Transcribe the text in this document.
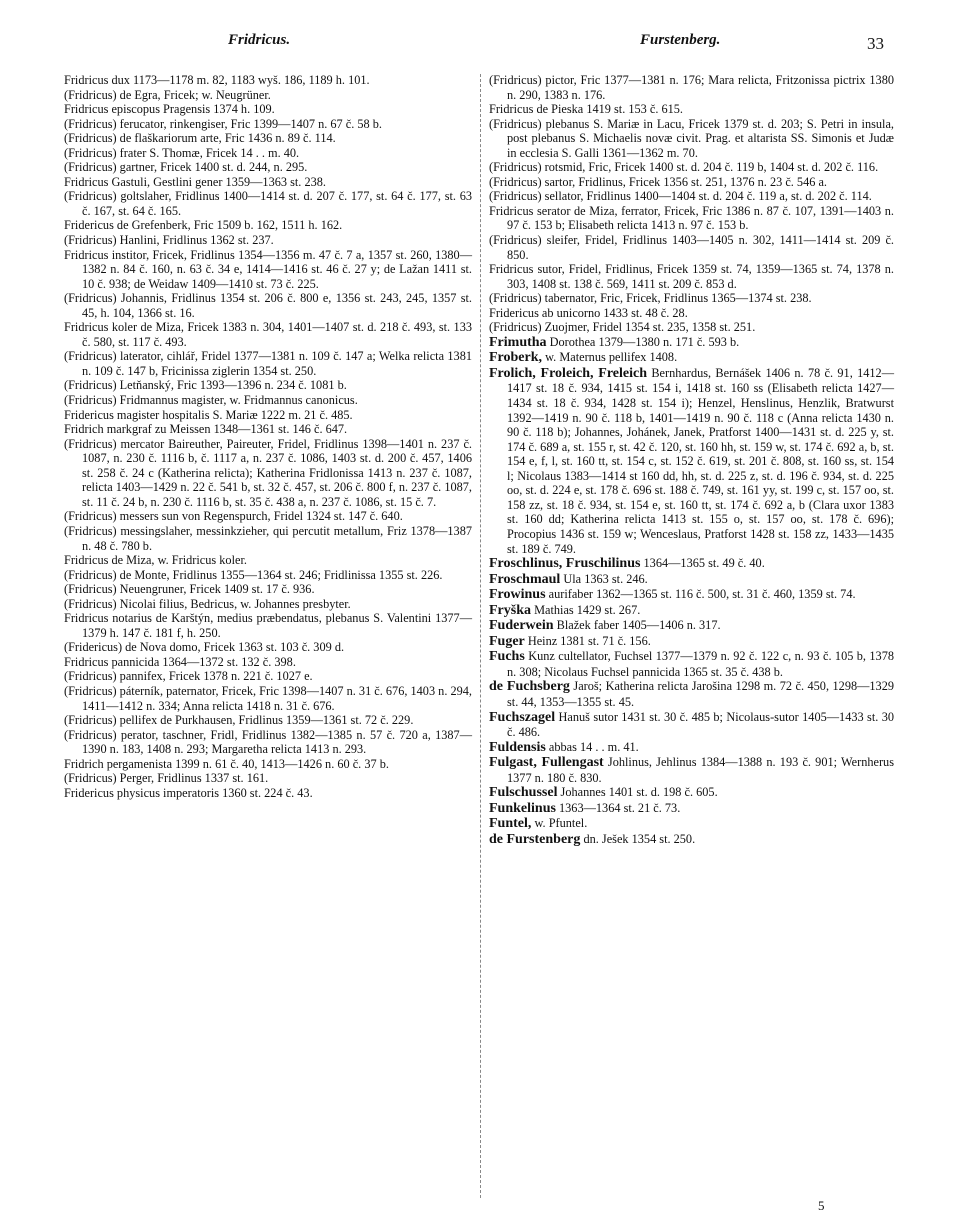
Fridricus.	Furstenberg.	33

Fridricus dux 1173—1178 m. 82, 1183 wyš. 186, 1189 h. 101.

(Fridricus) de Egra, Fricek; w. Neugrüner.

Fridricus episcopus Pragensis 1374 h. 109.

(Fridricus) ferucator, rinkengiser, Fric 1399—1407 n. 67 č. 58 b.

(Fridricus) de flaškariorum arte, Fric 1436 n. 89 č. 114.

(Fridricus) frater S. Thomæ, Fricek 14 . . m. 40.

(Fridricus) gartner, Fricek 1400 st. d. 244, n. 295.

Fridricus Gastuli, Gestlini gener 1359—1363 st. 238.

(Fridricus) goltslaher, Fridlinus 1400—1414 st. d. 207 č. 177, st. 64 č. 177, st. 63 č. 167, st. 64 č. 165.

Fridericus de Grefenberk, Fric 1509 b. 162, 1511 h. 162.

(Fridricus) Hanlini, Fridlinus 1362 st. 237.

Fridricus institor, Fricek, Fridlinus 1354—1356 m. 47 č. 7 a, 1357 st. 260, 1380—1382 n. 84 č. 160, n. 63 č. 34 e, 1414—1416 st. 46 č. 27 y; de Lažan 1411 st. 10 č. 938; de Weidaw 1409—1410 st. 73 č. 225.

(Fridricus) Johannis, Fridlinus 1354 st. 206 č. 800 e, 1356 st. 243, 245, 1357 st. 45, h. 104, 1366 st. 16.

Fridricus koler de Miza, Fricek 1383 n. 304, 1401—1407 st. d. 218 č. 493, st. 133 č. 580, st. 117 č. 493.

(Fridricus) laterator, cihlář, Fridel 1377—1381 n. 109 č. 147 a; Welka relicta 1381 n. 109 č. 147 b, Fricinissa ziglerin 1354 st. 250.

(Fridricus) Letňanský, Fric 1393—1396 n. 234 č. 1081 b.

(Fridricus) Fridmannus magister, w. Fridmannus canonicus.

Fridericus magister hospitalis S. Mariæ 1222 m. 21 č. 485.

Fridrich markgraf zu Meissen 1348—1361 st. 146 č. 647.

(Fridricus) mercator Baireuther, Paireuter, Fridel, Fridlinus 1398—1401 n. 237 č. 1087, n. 230 č. 1116 b, č. 1117 a, n. 237 č. 1086, 1403 st. d. 200 č. 457, 1406 st. 258 č. 24 c (Katherina relicta); Katherina Fridlonissa 1413 n. 237 č. 1087, relicta 1403—1429 n. 22 č. 541 b, st. 32 č. 457, st. 206 č. 800 f, n. 237 č. 1087, st. 11 č. 24 b, n. 230 č. 1116 b, st. 35 č. 438 a, n. 237 č. 1086, st. 15 č. 7.

(Fridricus) messers sun von Regenspurch, Fridel 1324 st. 147 č. 640.

(Fridricus) messingslaher, messinkzieher, qui percutit metallum, Friz 1378—1387 n. 48 č. 780 b.

Fridricus de Miza, w. Fridricus koler.

(Fridricus) de Monte, Fridlinus 1355—1364 st. 246; Fridlinissa 1355 st. 226.

(Fridricus) Neuengruner, Fricek 1409 st. 17 č. 936.

(Fridricus) Nicolai filius, Bedricus, w. Johannes presbyter.

Fridricus notarius de Karštýn, medius præbendatus, plebanus S. Valentini 1377—1379 h. 147 č. 181 f, h. 250.

(Fridericus) de Nova domo, Fricek 1363 st. 103 č. 309 d.

Fridricus pannicida 1364—1372 st. 132 č. 398.

(Fridricus) pannifex, Fricek 1378 n. 221 č. 1027 e.

(Fridricus) páterník, paternator, Fricek, Fric 1398—1407 n. 31 č. 676, 1403 n. 294, 1411—1412 n. 334; Anna relicta 1418 n. 31 č. 676.

(Fridricus) pellifex de Purkhausen, Fridlinus 1359—1361 st. 72 č. 229.

(Fridricus) perator, taschner, Fridl, Fridlinus 1382—1385 n. 57 č. 720 a, 1387—1390 n. 183, 1408 n. 293; Margaretha relicta 1413 n. 293.

Fridrich pergamenista 1399 n. 61 č. 40, 1413—1426 n. 60 č. 37 b.

(Fridricus) Perger, Fridlinus 1337 st. 161.

Fridericus physicus imperatoris 1360 st. 224 č. 43.

(Fridricus) pictor, Fric 1377—1381 n. 176; Mara relicta, Fritzonissa pictrix 1380 n. 290, 1383 n. 176.

Fridricus de Pieska 1419 st. 153 č. 615.

(Fridricus) plebanus S. Mariæ in Lacu, Fricek 1379 st. d. 203; S. Petri in insula, post plebanus S. Michaelis novæ civit. Prag. et altarista SS. Simonis et Judæ in ecclesia S. Galli 1361—1362 m. 70.

(Fridricus) rotsmid, Fric, Fricek 1400 st. d. 204 č. 119 b, 1404 st. d. 202 č. 116.

(Fridricus) sartor, Fridlinus, Fricek 1356 st. 251, 1376 n. 23 č. 546 a.

(Fridricus) sellator, Fridlinus 1400—1404 st. d. 204 č. 119 a, st. d. 202 č. 114.

Fridricus serator de Miza, ferrator, Fricek, Fric 1386 n. 87 č. 107, 1391—1403 n. 97 č. 153 b; Elisabeth relicta 1413 n. 97 č. 153 b.

(Fridricus) sleifer, Fridel, Fridlinus 1403—1405 n. 302, 1411—1414 st. 209 č. 850.

Fridricus sutor, Fridel, Fridlinus, Fricek 1359 st. 74, 1359—1365 st. 74, 1378 n. 303, 1408 st. 138 č. 569, 1411 st. 209 č. 853 d.

(Fridricus) tabernator, Fric, Fricek, Fridlinus 1365—1374 st. 238.

Fridericus ab unicorno 1433 st. 48 č. 28.

(Fridricus) Zuojmer, Fridel 1354 st. 235, 1358 st. 251.

Frimutha Dorothea 1379—1380 n. 171 č. 593 b.

Froberk, w. Maternus pellifex 1408.

Frolich, Froleich, Freleich Bernhardus, Bernášek 1406 n. 78 č. 91, 1412—1417 st. 18 č. 934, 1415 st. 154 i, 1418 st. 160 ss (Elisabeth relicta 1427—1434 st. 18 č. 934, 1428 st. 154 i); Henzel, Henslinus, Henzlik, Bratwurst 1392—1419 n. 90 č. 118 b, 1401—1419 n. 90 č. 118 c (Anna relicta 1430 n. 90 č. 118 b); Johannes, Johánek, Janek, Pratforst 1400—1431 st. d. 225 y, st. 174 č. 689 a, st. 155 r, st. 42 č. 120, st. 160 hh, st. 159 w, st. 174 č. 692 a, b, st. 154 e, f, l, st. 160 tt, st. 154 c, st. 152 č. 619, st. 201 č. 808, st. 160 ss, st. 154 l; Nicolaus 1383—1414 st 160 dd, hh, st. d. 225 z, st. d. 196 č. 934, st. d. 225 oo, st. d. 224 e, st. 178 č. 696 st. 188 č. 749, st. 161 yy, st. 199 c, st. 157 oo, st. 158 zz, st. 18 č. 934, st. 154 e, st. 160 tt, st. 174 č. 692 a, b (Clara uxor 1383 st. 160 dd; Katherina relicta 1413 st. 155 o, st. 157 oo, st. 178 č. 696); Procopius 1436 st. 159 w; Wenceslaus, Pratforst 1428 st. 158 zz, 1433—1435 st. 189 č. 749.

Froschlinus, Fruschilinus 1364—1365 st. 49 č. 40.

Froschmaul Ula 1363 st. 246.

Frowinus aurifaber 1362—1365 st. 116 č. 500, st. 31 č. 460, 1359 st. 74.

Fryška Mathias 1429 st. 267.

Fuderwein Blažek faber 1405—1406 n. 317.

Fuger Heinz 1381 st. 71 č. 156.

Fuchs Kunz cultellator, Fuchsel 1377—1379 n. 92 č. 122 c, n. 93 č. 105 b, 1378 n. 308; Nicolaus Fuchsel pannicida 1365 st. 35 č. 438 b.

de Fuchsberg Jaroš; Katherina relicta Jarošina 1298 m. 72 č. 450, 1298—1329 st. 44, 1353—1355 st. 45.

Fuchszagel Hanuš sutor 1431 st. 30 č. 485 b; Nicolaus-sutor 1405—1433 st. 30 č. 486.

Fuldensis abbas 14 . . m. 41.

Fulgast, Fullengast Johlinus, Jehlinus 1384—1388 n. 193 č. 901; Wernherus 1377 n. 180 č. 830.

Fulschussel Johannes 1401 st. d. 198 č. 605.

Funkelinus 1363—1364 st. 21 č. 73.

Funtel, w. Pfuntel.

de Furstenberg dn. Ješek 1354 st. 250.

5
